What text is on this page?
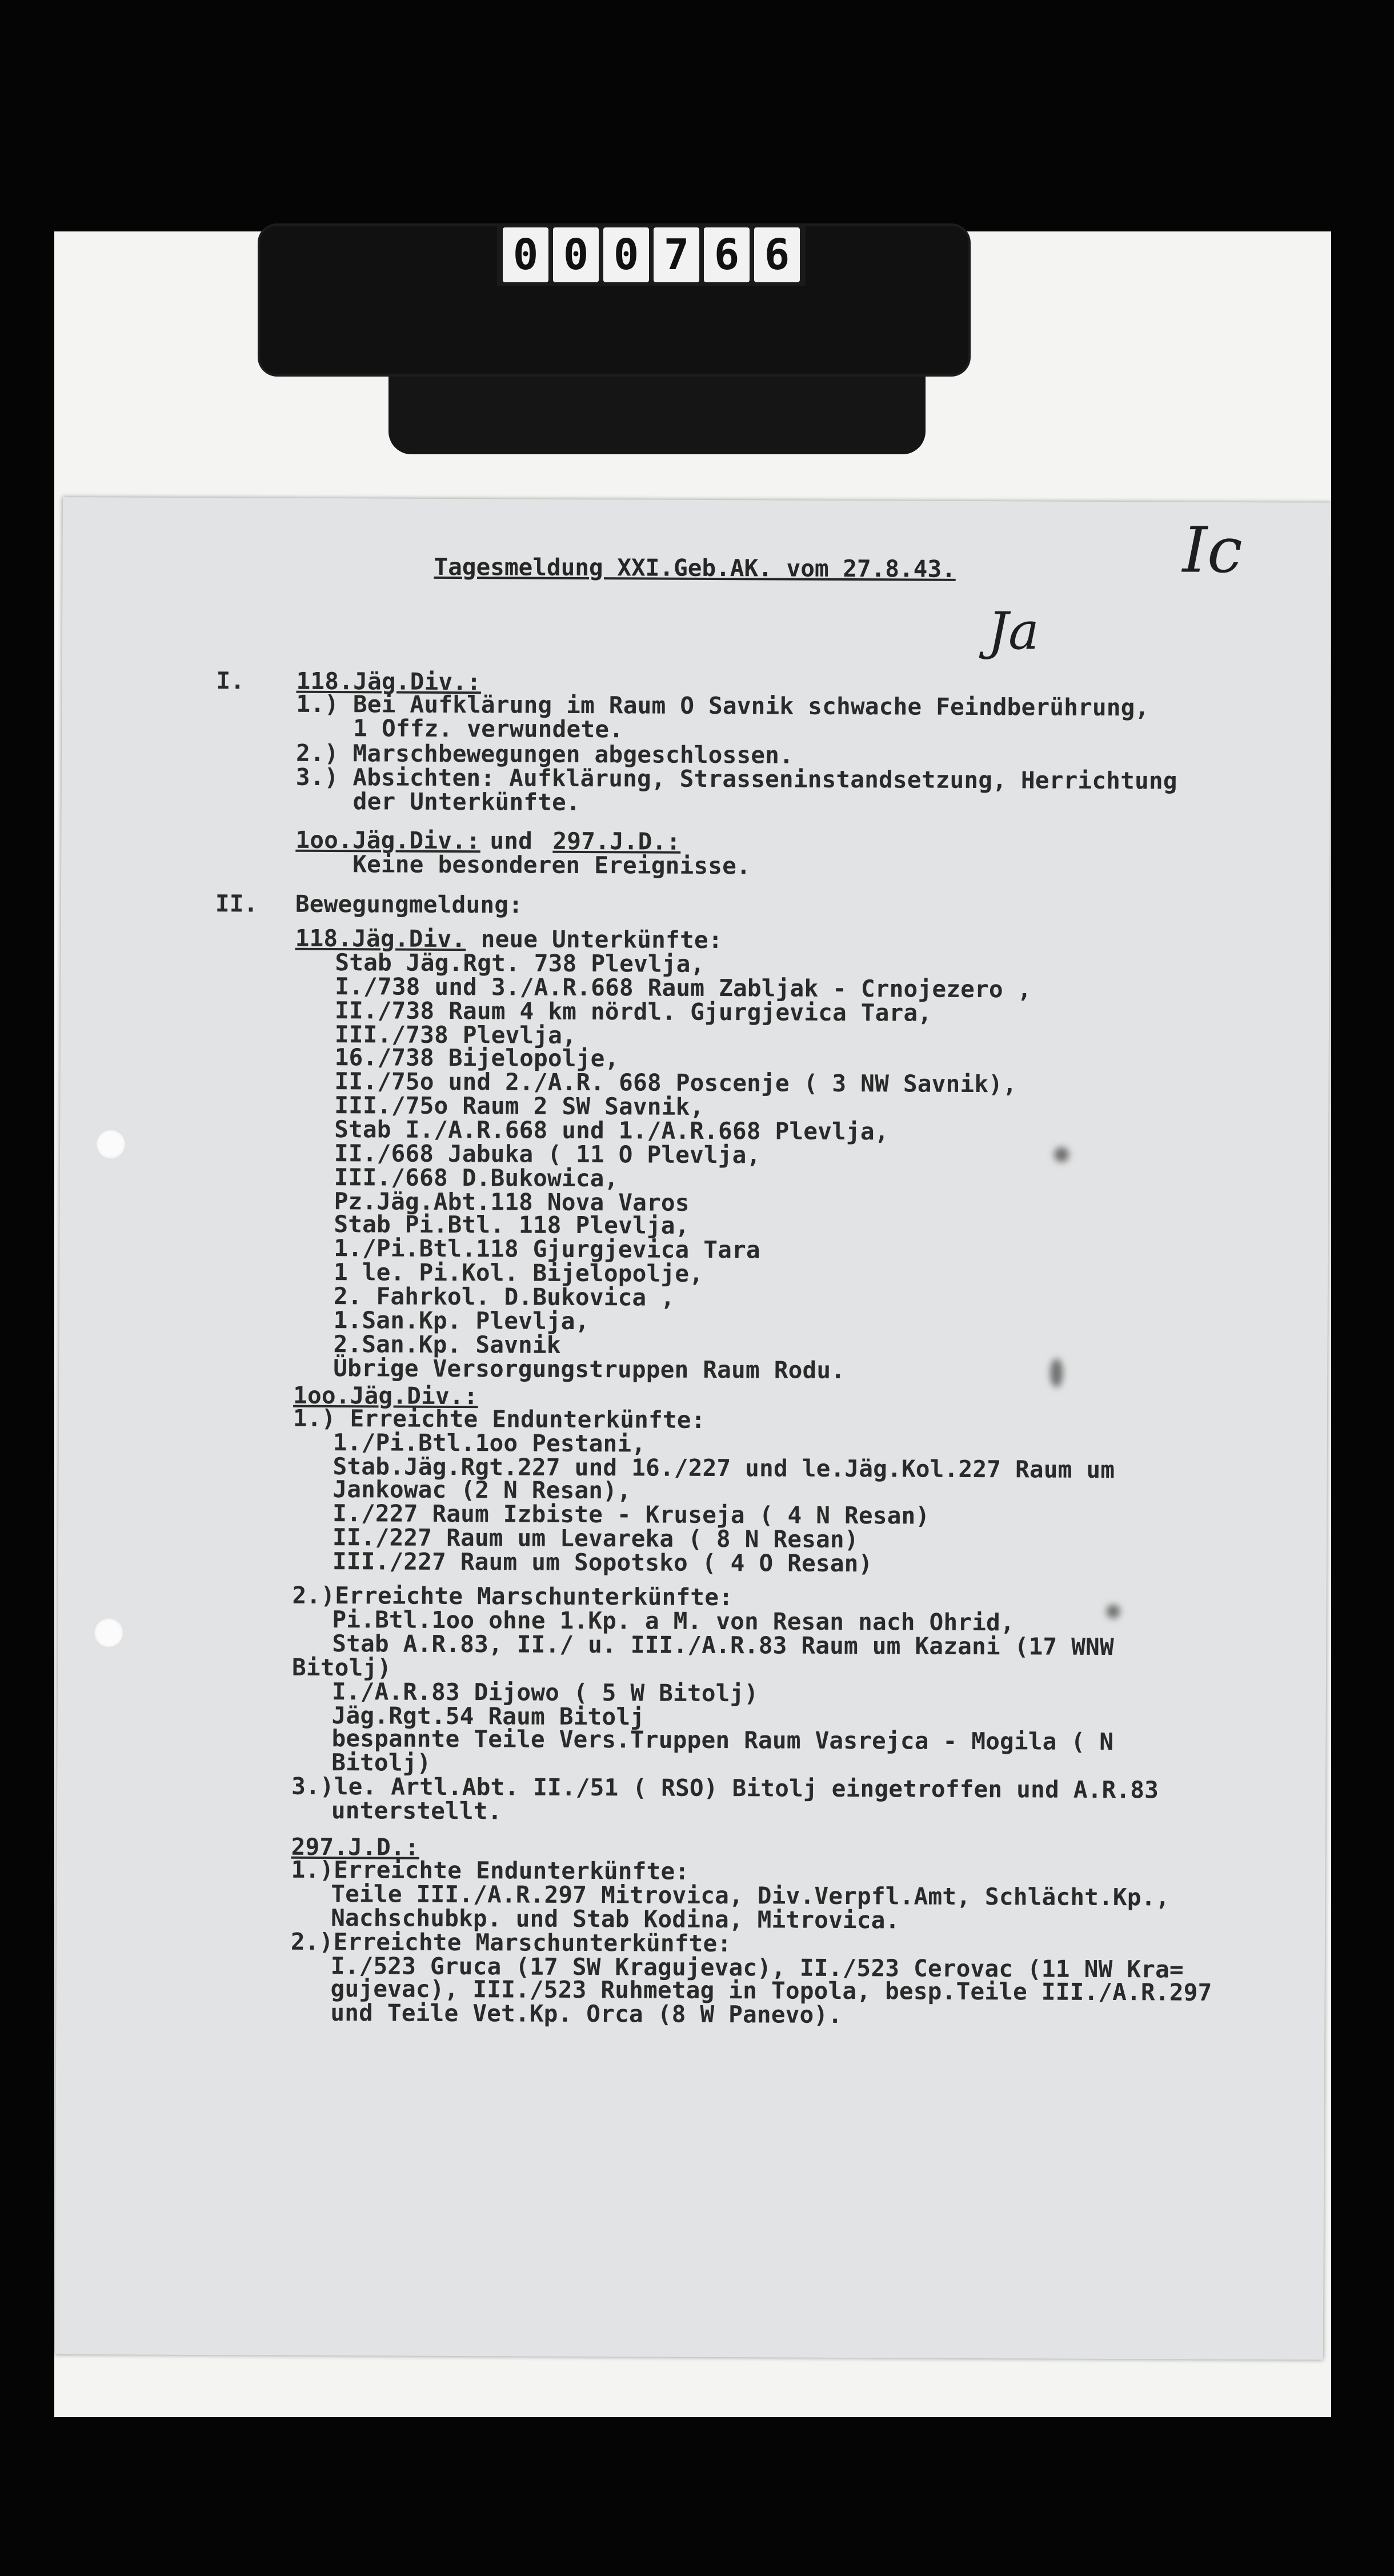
0 0 0 7 6 6
Ic
Ja
Tagesmeldung XXI.Geb.AK. vom 27.8.43.
I. 118.Jäg.Div.:
1.) Bei Aufklärung im Raum O Savnik schwache Feindberührung,
1 Offz. verwundete.
2.) Marschbewegungen abgeschlossen.
3.) Absichten: Aufklärung, Strasseninstandsetzung, Herrichtung
der Unterkünfte.
1oo.Jäg.Div.: und 297.J.D.:
Keine besonderen Ereignisse.
II. Bewegungmeldung:
118.Jäg.Div. neue Unterkünfte:
Stab Jäg.Rgt. 738 Plevlja,
I./738 und 3./A.R.668 Raum Zabljak - Crnojezero ,
II./738 Raum 4 km nördl. Gjurgjevica Tara,
III./738 Plevlja,
16./738 Bijelopolje,
II./75o und 2./A.R. 668 Poscenje ( 3 NW Savnik),
III./75o Raum 2 SW Savnik,
Stab I./A.R.668 und 1./A.R.668 Plevlja,
II./668 Jabuka ( 11 O Plevlja,
III./668 D.Bukowica,
Pz.Jäg.Abt.118 Nova Varos
Stab Pi.Btl. 118 Plevlja,
1./Pi.Btl.118 Gjurgjevica Tara
1 le. Pi.Kol. Bijelopolje,
2. Fahrkol. D.Bukovica ,
1.San.Kp. Plevlja,
2.San.Kp. Savnik
Übrige Versorgungstruppen Raum Rodu.
1oo.Jäg.Div.:
1.) Erreichte Endunterkünfte:
1./Pi.Btl.1oo Pestani,
Stab.Jäg.Rgt.227 und 16./227 und le.Jäg.Kol.227 Raum um
Jankowac (2 N Resan),
I./227 Raum Izbiste - Kruseja ( 4 N Resan)
II./227 Raum um Levareka ( 8 N Resan)
III./227 Raum um Sopotsko ( 4 O Resan)
2.)Erreichte Marschunterkünfte:
Pi.Btl.1oo ohne 1.Kp. a M. von Resan nach Ohrid,
Stab A.R.83, II./ u. III./A.R.83 Raum um Kazani (17 WNW
Bitolj)
I./A.R.83 Dijowo ( 5 W Bitolj)
Jäg.Rgt.54 Raum Bitolj
bespannte Teile Vers.Truppen Raum Vasrejca - Mogila ( N
Bitolj)
3.)le. Artl.Abt. II./51 ( RSO) Bitolj eingetroffen und A.R.83
unterstellt.
297.J.D.:
1.)Erreichte Endunterkünfte:
Teile III./A.R.297 Mitrovica, Div.Verpfl.Amt, Schlächt.Kp.,
Nachschubkp. und Stab Kodina, Mitrovica.
2.)Erreichte Marschunterkünfte:
I./523 Gruca (17 SW Kragujevac), II./523 Cerovac (11 NW Kra=
gujevac), III./523 Ruhmetag in Topola, besp.Teile III./A.R.297
und Teile Vet.Kp. Orca (8 W Panevo).
